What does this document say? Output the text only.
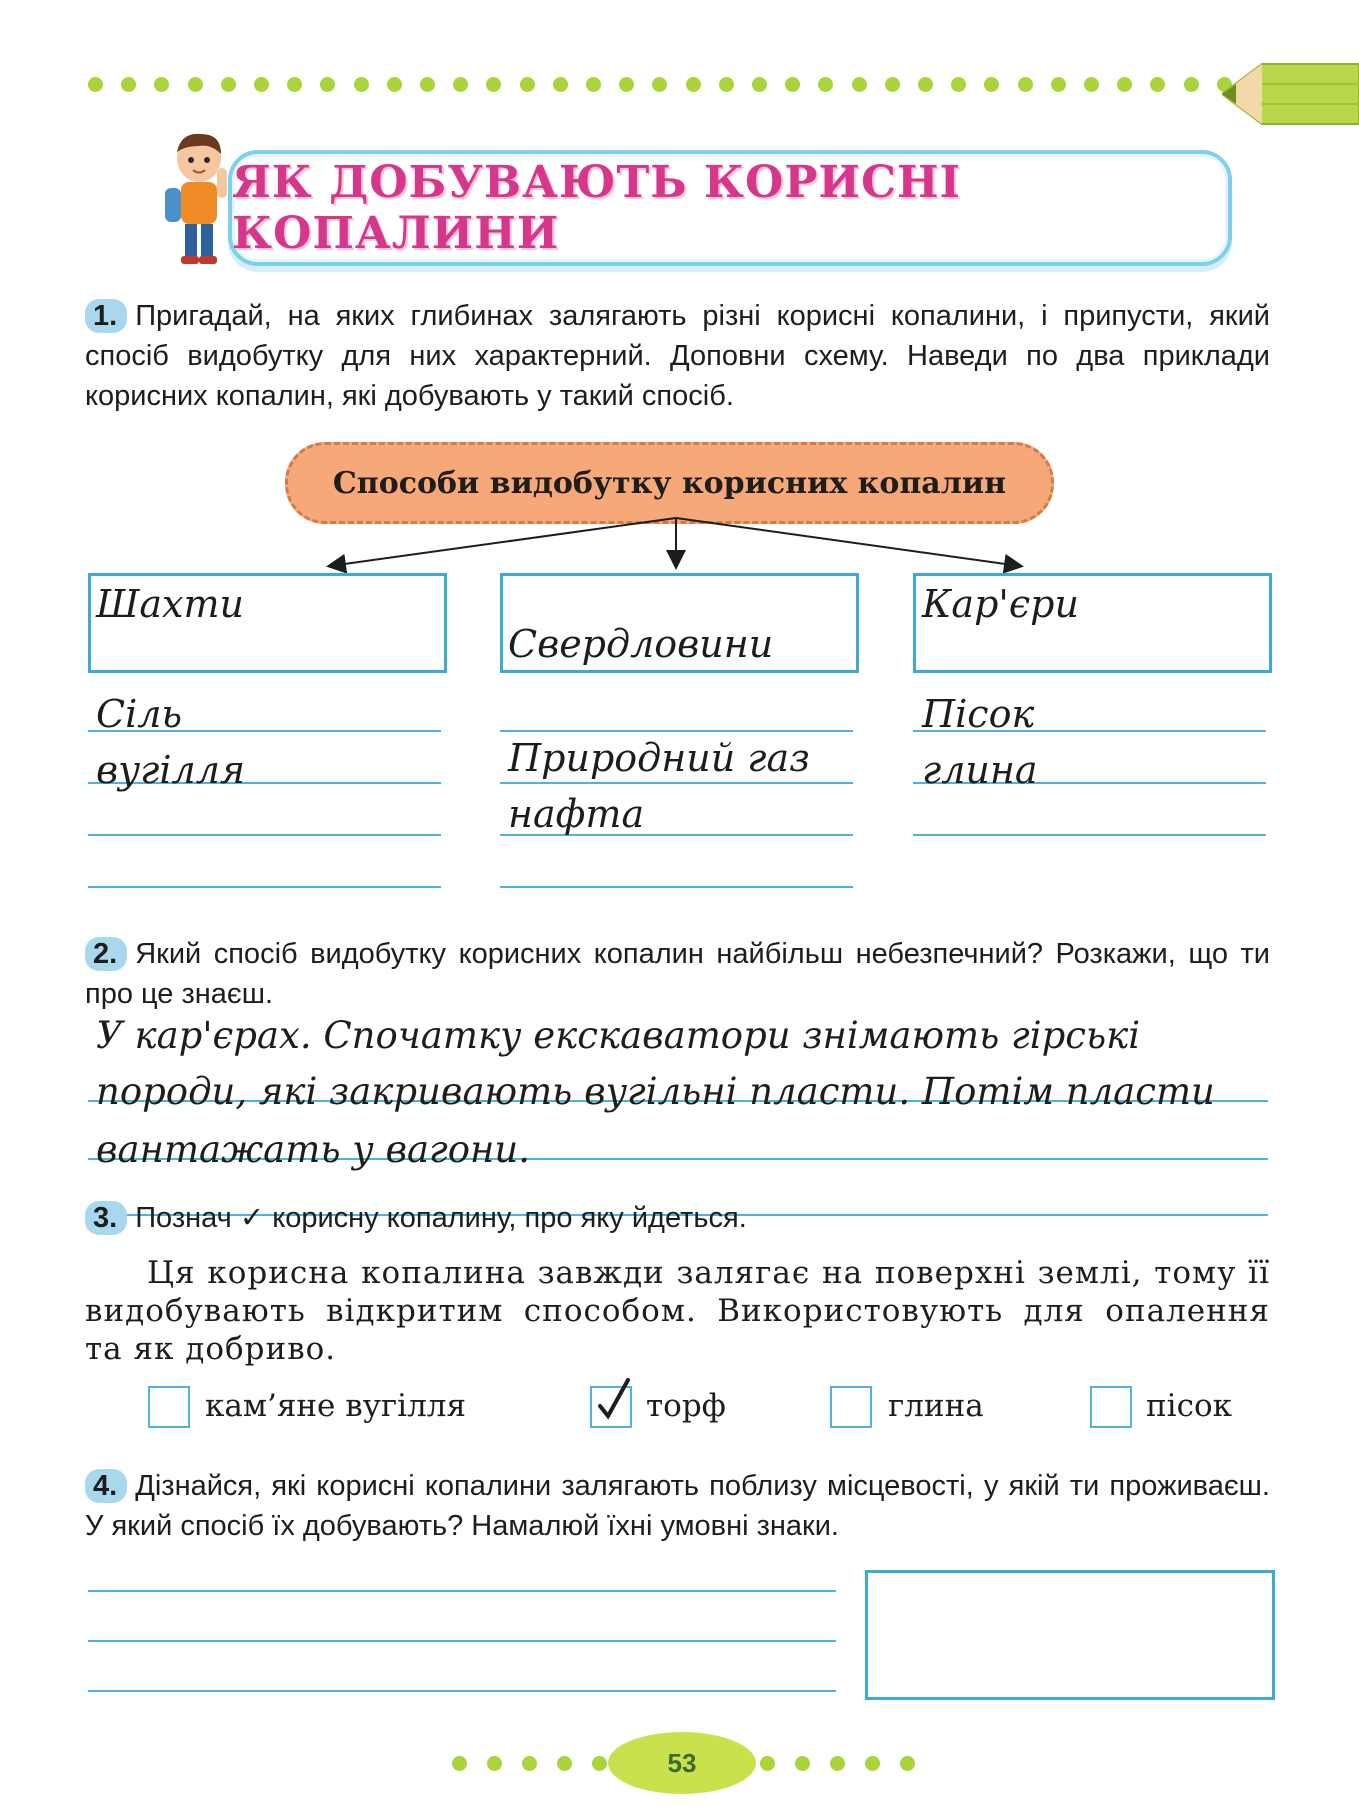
ЯК ДОБУВАЮТЬ КОРИСНІ КОПАЛИНИ
1. Пригадай, на яких глибинах залягають різні корисні копалини, і припусти, який спосіб видобутку для них характерний. Доповни схему. Наведи по два приклади корисних копалин, які добувають у такий спосіб.
Способи видобутку корисних копалин
Шахти
Свердловини
Кар'єри
Сіль
вугілля	Природний газ
нафта
Пісок
глина
2. Який спосіб видобутку корисних копалин найбільш небезпечний? Розкажи, що ти про це знаєш.
У кар'єрах. Спочатку екскаватори знімають гірські
породи, які закривають вугільні пласти. Потім пласти
вантажать у вагони.
3. Познач ✓ корисну копалину, про яку йдеться.
Ця корисна копалина завжди залягає на поверхні землі, тому її видобувають відкритим способом. Використовують для опалення та як добриво.
кам’яне вугілля	торф	глина	пісок
4. Дізнайся, які корисні копалини залягають поблизу місцевості, у якій ти проживаєш. У який спосіб їх добувають? Намалюй їхні умовні знаки.
53
